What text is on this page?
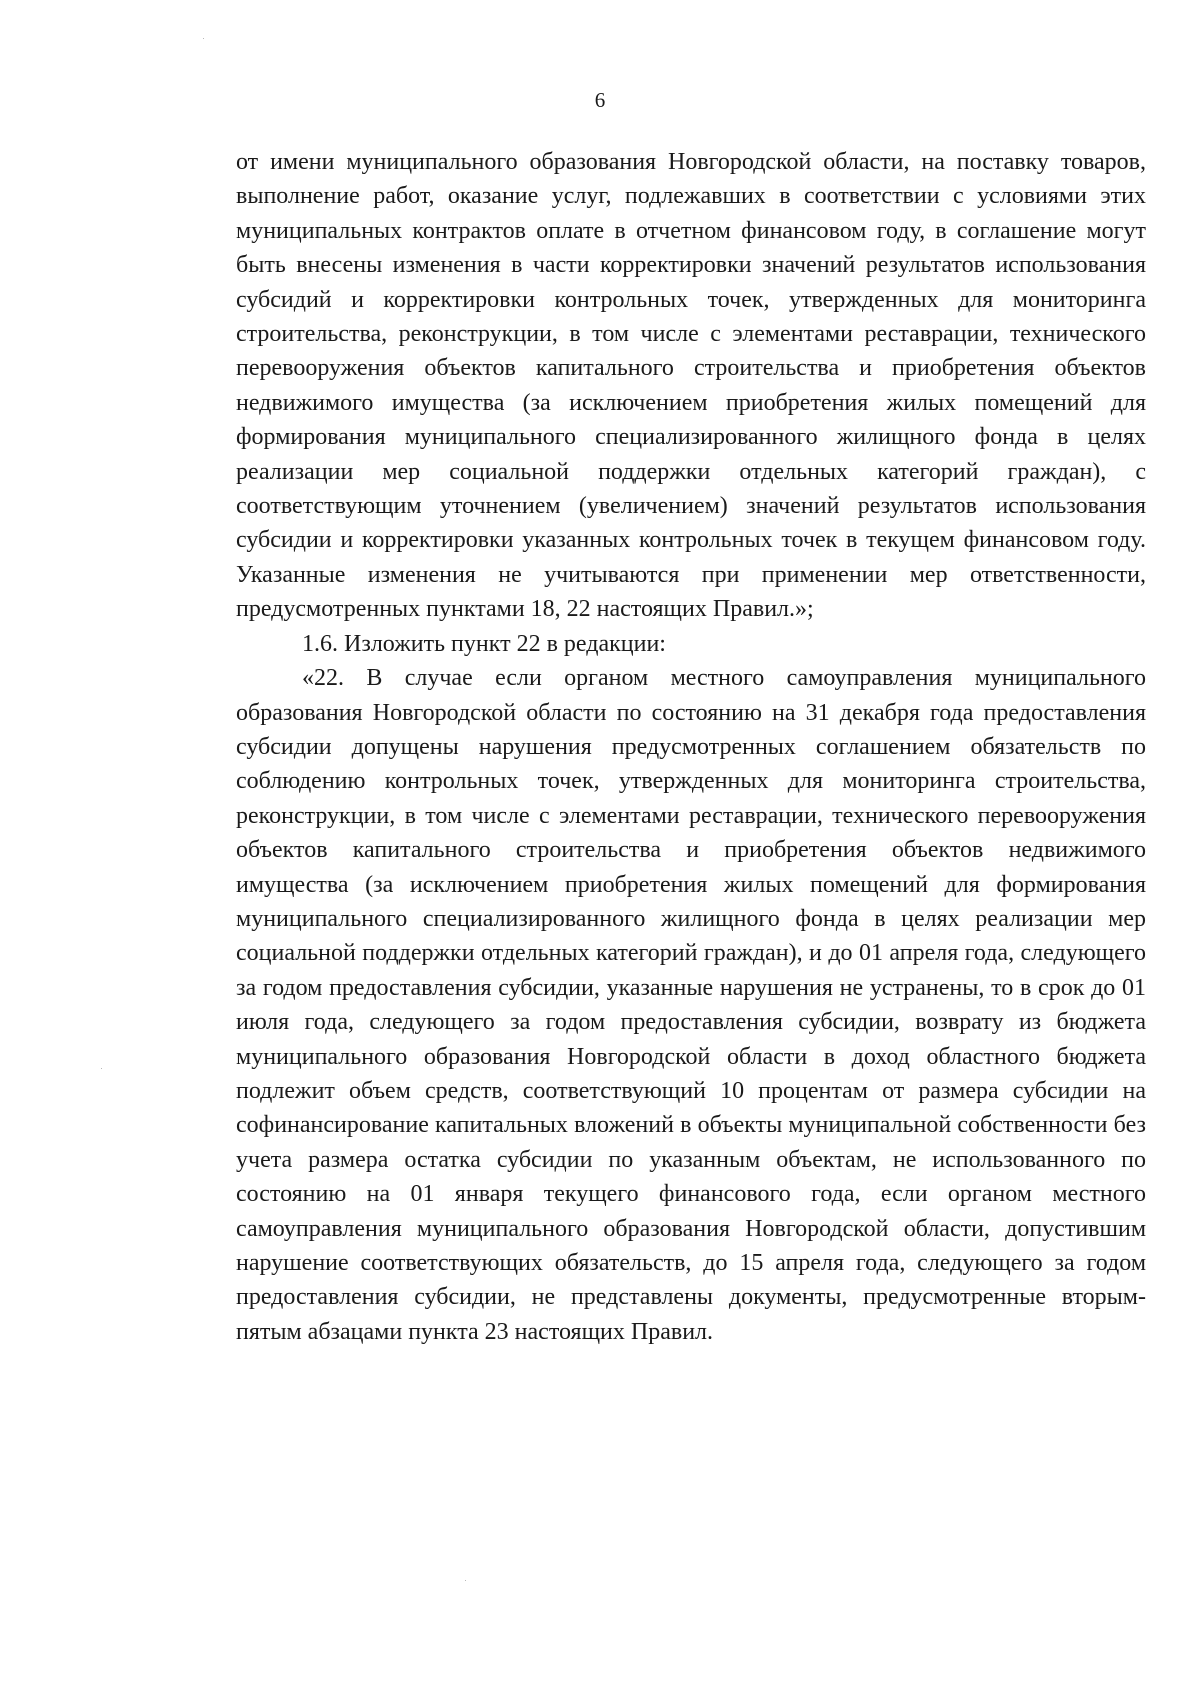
6

от имени муниципального образования Новгородской области, на поставку товаров, выполнение работ, оказание услуг, подлежавших в соответствии с условиями этих муниципальных контрактов оплате в отчетном финансовом году, в соглашение могут быть внесены изменения в части корректировки значений результатов использования субсидий и корректировки контрольных точек, утвержденных для мониторинга строительства, реконструкции, в том числе с элементами реставрации, технического перевооружения объектов капитального строительства и приобретения объектов недвижимого имущества (за исключением приобретения жилых помещений для формирования муниципального специализированного жилищного фонда в целях реализации мер социальной поддержки отдельных категорий граждан), с соответствующим уточнением (увеличением) значений результатов использования субсидии и корректировки указанных контрольных точек в текущем финансовом году. Указанные изменения не учитываются при применении мер ответственности, предусмотренных пунктами 18, 22 настоящих Правил.»;

1.6. Изложить пункт 22 в редакции:

«22. В случае если органом местного самоуправления муниципального образования Новгородской области по состоянию на 31 декабря года предоставления субсидии допущены нарушения предусмотренных соглашением обязательств по соблюдению контрольных точек, утвержденных для мониторинга строительства, реконструкции, в том числе с элементами реставрации, технического перевооружения объектов капитального строительства и приобретения объектов недвижимого имущества (за исключением приобретения жилых помещений для формирования муниципального специализированного жилищного фонда в целях реализации мер социальной поддержки отдельных категорий граждан), и до 01 апреля года, следующего за годом предоставления субсидии, указанные нарушения не устранены, то в срок до 01 июля года, следующего за годом предоставления субсидии, возврату из бюджета муниципального образования Новгородской области в доход областного бюджета подлежит объем средств, соответствующий 10 процентам от размера субсидии на софинансирование капитальных вложений в объекты муниципальной собственности без учета размера остатка субсидии по указанным объектам, не использованного по состоянию на 01 января текущего финансового года, если органом местного самоуправления муниципального образования Новгородской области, допустившим нарушение соответствующих обязательств, до 15 апреля года, следующего за годом предоставления субсидии, не представлены документы, предусмотренные вторым-пятым абзацами пункта 23 настоящих Правил.
